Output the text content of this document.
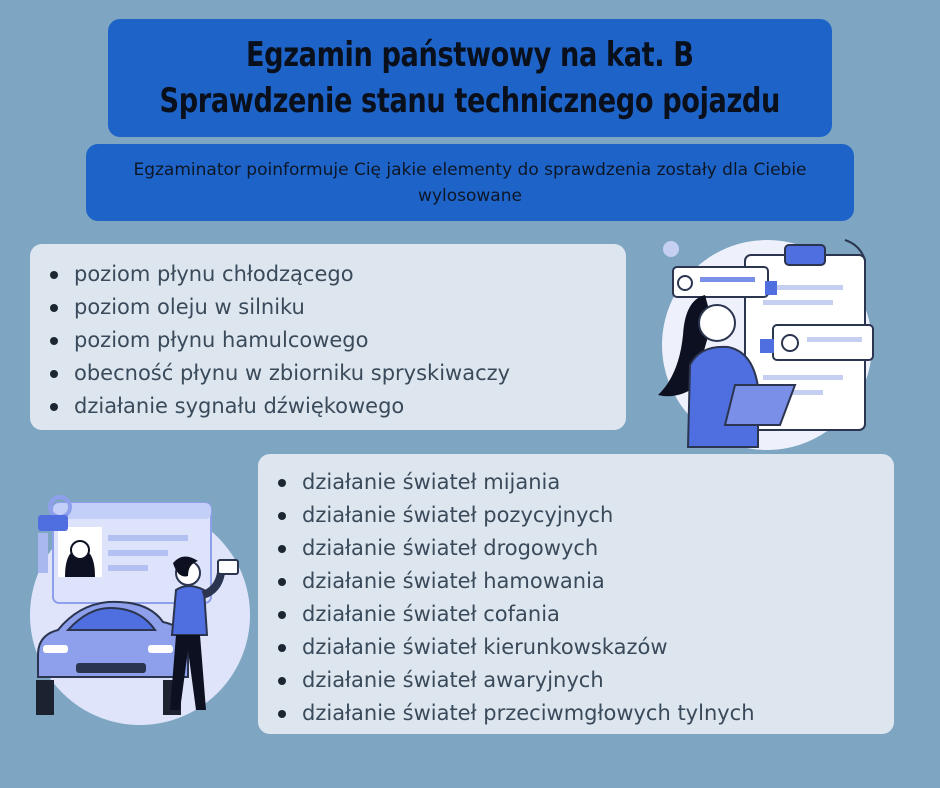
Egzamin państwowy na kat. B
Sprawdzenie stanu technicznego pojazdu
Egzaminator poinformuje Cię jakie elementy do sprawdzenia zostały dla Ciebie wylosowane
poziom płynu chłodzącego
poziom oleju w silniku
poziom płynu hamulcowego
obecność płynu w zbiorniku spryskiwaczy
działanie sygnału dźwiękowego
działanie świateł mijania
działanie świateł pozycyjnych
działanie świateł drogowych
działanie świateł hamowania
działanie świateł cofania
działanie świateł kierunkowskazów
działanie świateł awaryjnych
działanie świateł przeciwmgłowych tylnych
